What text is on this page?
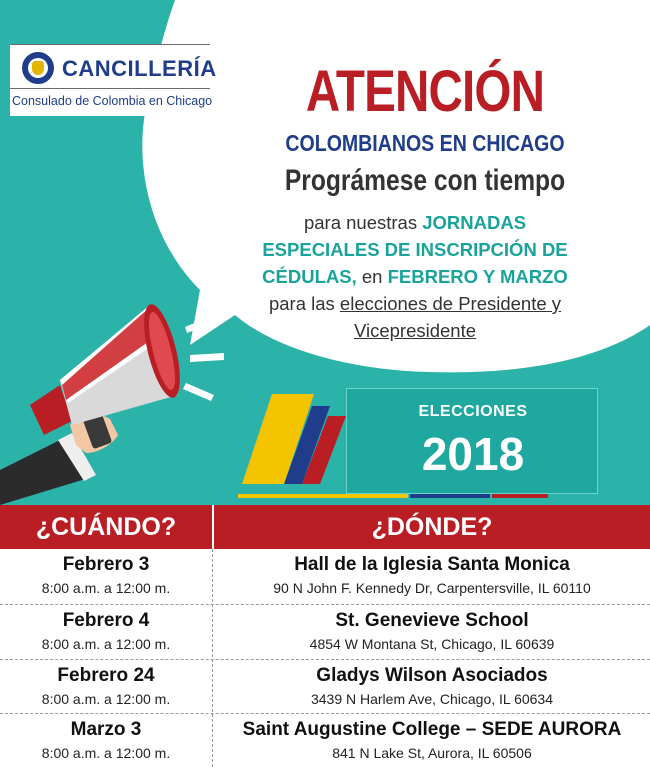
CANCILLERÍA
Consulado de Colombia en Chicago	ATENCIÓN
COLOMBIANOS EN CHICAGO
Prográmese con tiempo
para nuestras JORNADAS ESPECIALES DE INSCRIPCIÓN DE CÉDULAS, en FEBRERO Y MARZO para las elecciones de Presidente y Vicepresidente
ELECCIONES
2018
¿CUÁNDO?	¿DÓNDE?
Febrero 3
8:00 a.m. a 12:00 m.
Hall de la Iglesia Santa Monica
90 N John F. Kennedy Dr, Carpentersville, IL 60110
Febrero 4
8:00 a.m. a 12:00 m.
St. Genevieve School
4854 W Montana St, Chicago, IL 60639
Febrero 24
8:00 a.m. a 12:00 m.
Gladys Wilson Asociados
3439 N Harlem Ave, Chicago, IL 60634
Marzo 3
8:00 a.m. a 12:00 m.
Saint Augustine College – SEDE AURORA
841 N Lake St, Aurora, IL 60506
